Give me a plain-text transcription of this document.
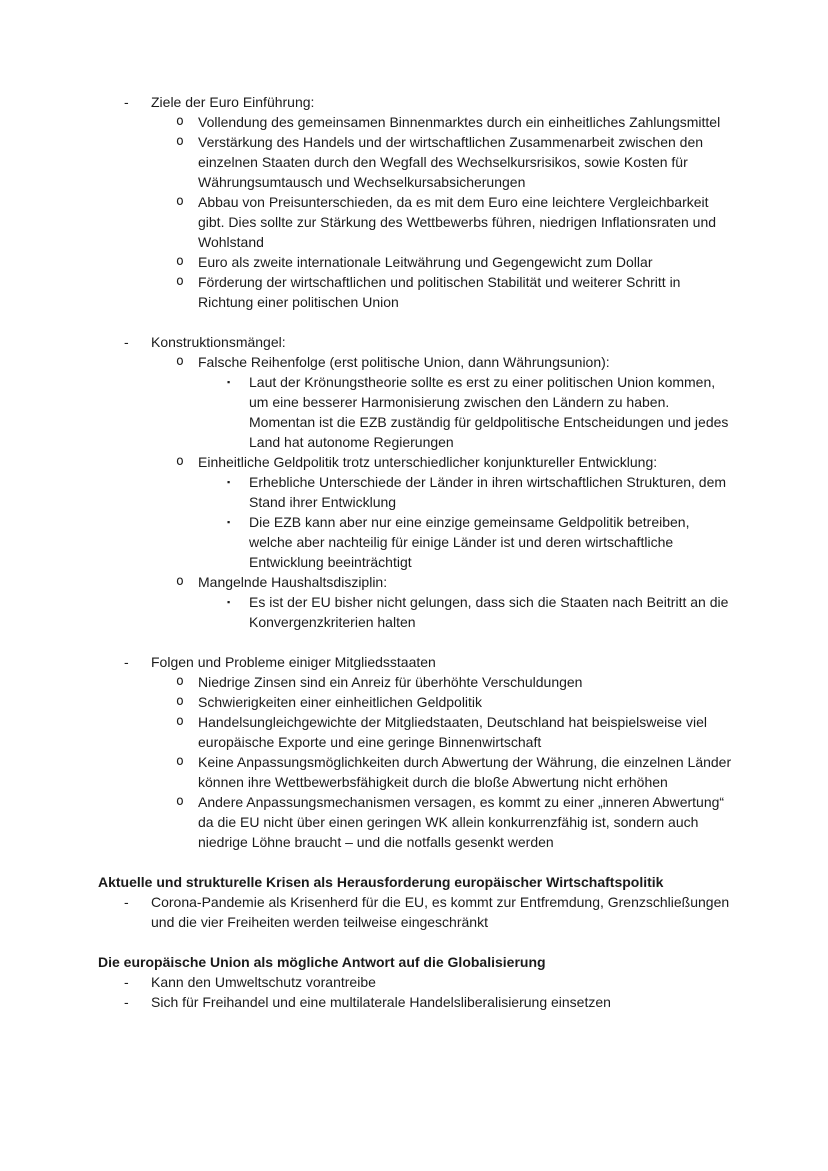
- Ziele der Euro Einführung:
o Vollendung des gemeinsamen Binnenmarktes durch ein einheitliches Zahlungsmittel
o Verstärkung des Handels und der wirtschaftlichen Zusammenarbeit zwischen den einzelnen Staaten durch den Wegfall des Wechselkursrisikos, sowie Kosten für Währungsumtausch und Wechselkursabsicherungen
o Abbau von Preisunterschieden, da es mit dem Euro eine leichtere Vergleichbarkeit gibt. Dies sollte zur Stärkung des Wettbewerbs führen, niedrigen Inflationsraten und Wohlstand
o Euro als zweite internationale Leitwährung und Gegengewicht zum Dollar
o Förderung der wirtschaftlichen und politischen Stabilität und weiterer Schritt in Richtung einer politischen Union
- Konstruktionsmängel:
o Falsche Reihenfolge (erst politische Union, dann Währungsunion):
▪ Laut der Krönungstheorie sollte es erst zu einer politischen Union kommen, um eine besserer Harmonisierung zwischen den Ländern zu haben. Momentan ist die EZB zuständig für geldpolitische Entscheidungen und jedes Land hat autonome Regierungen
o Einheitliche Geldpolitik trotz unterschiedlicher konjunktureller Entwicklung:
▪ Erhebliche Unterschiede der Länder in ihren wirtschaftlichen Strukturen, dem Stand ihrer Entwicklung
▪ Die EZB kann aber nur eine einzige gemeinsame Geldpolitik betreiben, welche aber nachteilig für einige Länder ist und deren wirtschaftliche Entwicklung beeinträchtigt
o Mangelnde Haushaltsdisziplin:
▪ Es ist der EU bisher nicht gelungen, dass sich die Staaten nach Beitritt an die Konvergenzkriterien halten
- Folgen und Probleme einiger Mitgliedsstaaten
o Niedrige Zinsen sind ein Anreiz für überhöhte Verschuldungen
o Schwierigkeiten einer einheitlichen Geldpolitik
o Handelsungleichgewichte der Mitgliedstaaten, Deutschland hat beispielsweise viel europäische Exporte und eine geringe Binnenwirtschaft
o Keine Anpassungsmöglichkeiten durch Abwertung der Währung, die einzelnen Länder können ihre Wettbewerbsfähigkeit durch die bloße Abwertung nicht erhöhen
o Andere Anpassungsmechanismen versagen, es kommt zu einer „inneren Abwertung“ da die EU nicht über einen geringen WK allein konkurrenzfähig ist, sondern auch niedrige Löhne braucht – und die notfalls gesenkt werden
Aktuelle und strukturelle Krisen als Herausforderung europäischer Wirtschaftspolitik
- Corona-Pandemie als Krisenherd für die EU, es kommt zur Entfremdung, Grenzschließungen und die vier Freiheiten werden teilweise eingeschränkt
Die europäische Union als mögliche Antwort auf die Globalisierung
- Kann den Umweltschutz vorantreibe
- Sich für Freihandel und eine multilaterale Handelsliberalisierung einsetzen
